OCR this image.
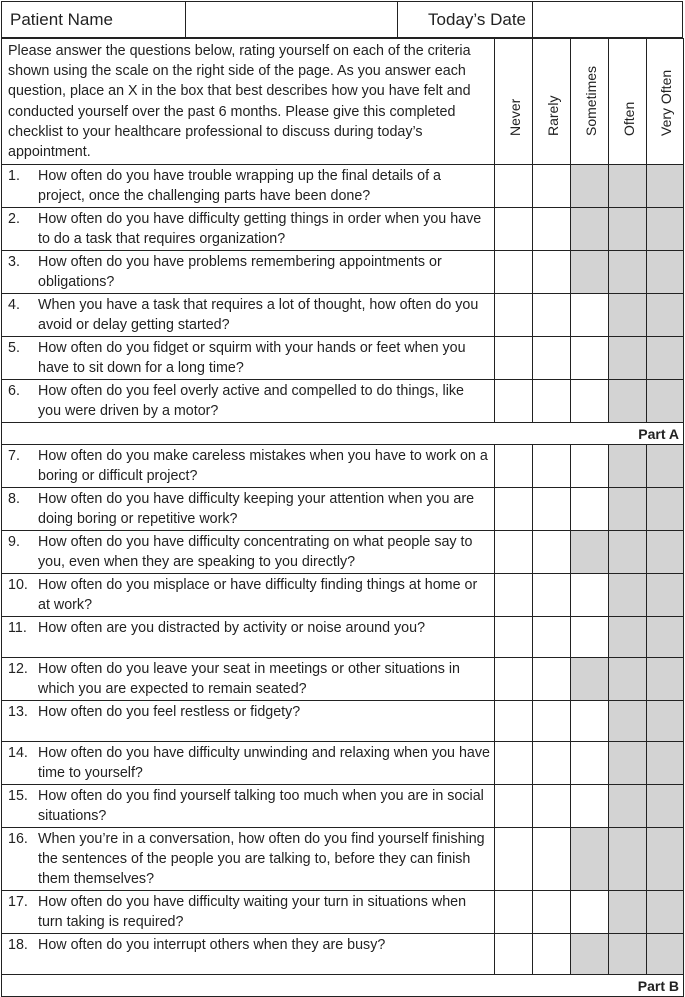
Patient Name	Today’s Date
Please answer the questions below, rating yourself on each of the criteria shown using the scale on the right side of the page. As you answer each question, place an X in the box that best describes how you have felt and conducted yourself over the past 6 months. Please give this completed checklist to your healthcare professional to discuss during today’s appointment.	Never	Rarely	Sometimes	Often	Very Often

1. How often do you have trouble wrapping up the final details of a project, once the challenging parts have been done?					

2. How often do you have difficulty getting things in order when you have to do a task that requires organization?					

3. How often do you have problems remembering appointments or obligations?					

4. When you have a task that requires a lot of thought, how often do you avoid or delay getting started?					

5. How often do you fidget or squirm with your hands or feet when you have to sit down for a long time?					

6. How often do you feel overly active and compelled to do things, like you were driven by a motor?					

Part A					

7. How often do you make careless mistakes when you have to work on a boring or difficult project?					

8. How often do you have difficulty keeping your attention when you are doing boring or repetitive work?					

9. How often do you have difficulty concentrating on what people say to you, even when they are speaking to you directly?					

10. How often do you misplace or have difficulty finding things at home or at work?					

11. How often are you distracted by activity or noise around you?					

12. How often do you leave your seat in meetings or other situations in which you are expected to remain seated?					

13. How often do you feel restless or fidgety?					

14. How often do you have difficulty unwinding and relaxing when you have time to yourself?					

15. How often do you find yourself talking too much when you are in social situations?					

16. When you’re in a conversation, how often do you find yourself finishing the sentences of the people you are talking to, before they can finish them themselves?					

17. How often do you have difficulty waiting your turn in situations when turn taking is required?					

18. How often do you interrupt others when they are busy?					

Part B					
